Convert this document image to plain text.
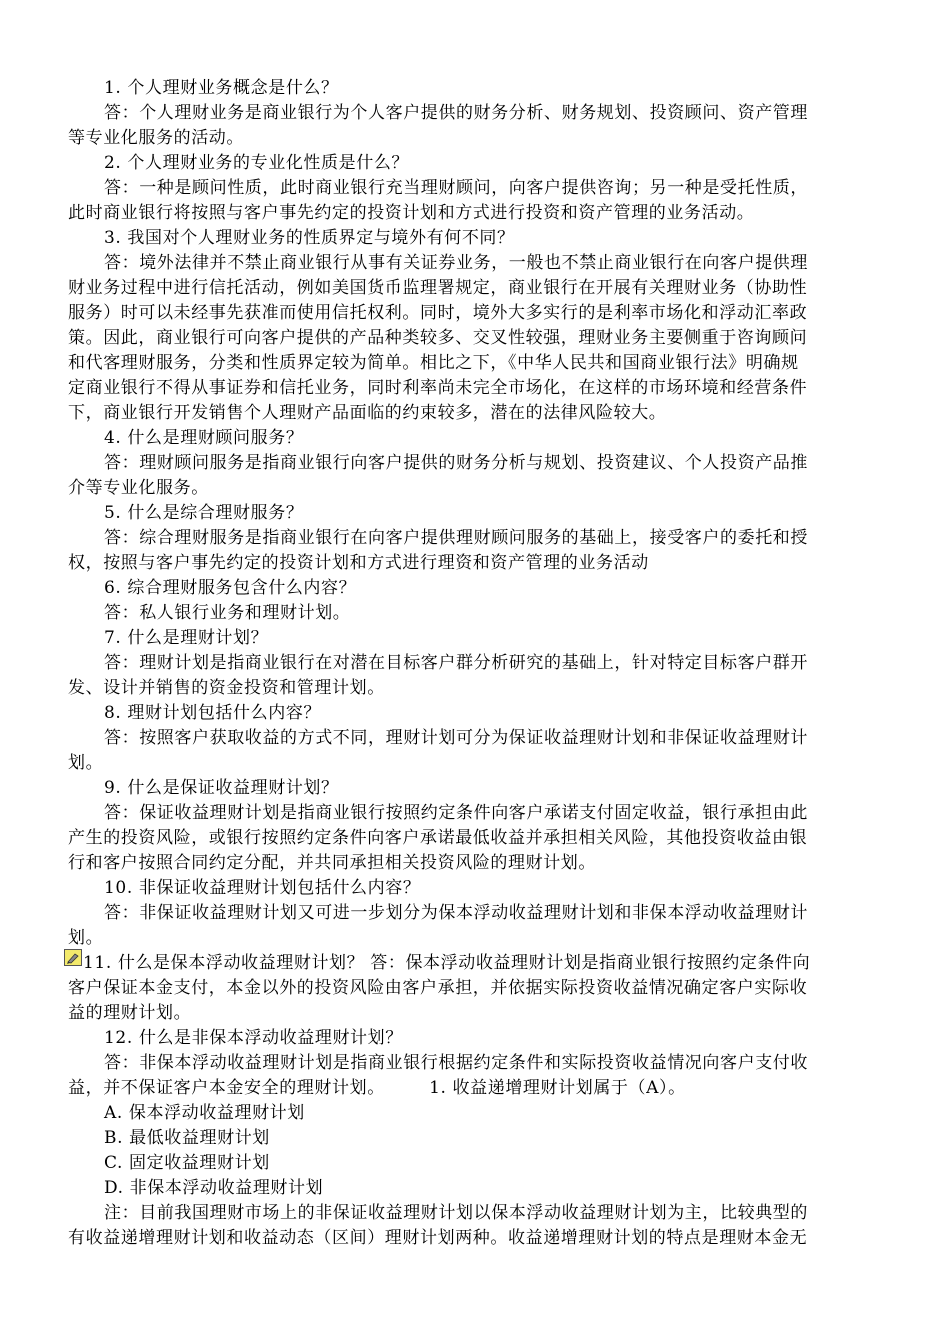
1. 个人理财业务概念是什么？
答：个人理财业务是商业银行为个人客户提供的财务分析、财务规划、投资顾问、资产管理
等专业化服务的活动。
2. 个人理财业务的专业化性质是什么？
答：一种是顾问性质，此时商业银行充当理财顾问，向客户提供咨询；另一种是受托性质，
此时商业银行将按照与客户事先约定的投资计划和方式进行投资和资产管理的业务活动。
3. 我国对个人理财业务的性质界定与境外有何不同？
答：境外法律并不禁止商业银行从事有关证券业务，一般也不禁止商业银行在向客户提供理
财业务过程中进行信托活动，例如美国货币监理署规定，商业银行在开展有关理财业务（协助性
服务）时可以未经事先获准而使用信托权利。同时，境外大多实行的是利率市场化和浮动汇率政
策。因此，商业银行可向客户提供的产品种类较多、交叉性较强，理财业务主要侧重于咨询顾问
和代客理财服务，分类和性质界定较为简单。相比之下，《中华人民共和国商业银行法》明确规
定商业银行不得从事证券和信托业务，同时利率尚未完全市场化，在这样的市场环境和经营条件
下，商业银行开发销售个人理财产品面临的约束较多，潜在的法律风险较大。
4. 什么是理财顾问服务？
答：理财顾问服务是指商业银行向客户提供的财务分析与规划、投资建议、个人投资产品推
介等专业化服务。
5. 什么是综合理财服务？
答：综合理财服务是指商业银行在向客户提供理财顾问服务的基础上，接受客户的委托和授
权，按照与客户事先约定的投资计划和方式进行理资和资产管理的业务活动
6. 综合理财服务包含什么内容？
答：私人银行业务和理财计划。
7. 什么是理财计划？
答：理财计划是指商业银行在对潜在目标客户群分析研究的基础上，针对特定目标客户群开
发、设计并销售的资金投资和管理计划。
8. 理财计划包括什么内容？
答：按照客户获取收益的方式不同，理财计划可分为保证收益理财计划和非保证收益理财计
划。
9. 什么是保证收益理财计划？
答：保证收益理财计划是指商业银行按照约定条件向客户承诺支付固定收益，银行承担由此
产生的投资风险，或银行按照约定条件向客户承诺最低收益并承担相关风险，其他投资收益由银
行和客户按照合同约定分配，并共同承担相关投资风险的理财计划。
10. 非保证收益理财计划包括什么内容？
答：非保证收益理财计划又可进一步划分为保本浮动收益理财计划和非保本浮动收益理财计
划。
11. 什么是保本浮动收益理财计划？ 答：保本浮动收益理财计划是指商业银行按照约定条件向
客户保证本金支付，本金以外的投资风险由客户承担，并依据实际投资收益情况确定客户实际收
益的理财计划。
12. 什么是非保本浮动收益理财计划？
答：非保本浮动收益理财计划是指商业银行根据约定条件和实际投资收益情况向客户支付收
益，并不保证客户本金安全的理财计划。　　　1. 收益递增理财计划属于（A）。
A. 保本浮动收益理财计划
B. 最低收益理财计划
C. 固定收益理财计划
D. 非保本浮动收益理财计划
注：目前我国理财市场上的非保证收益理财计划以保本浮动收益理财计划为主，比较典型的
有收益递增理财计划和收益动态（区间）理财计划两种。收益递增理财计划的特点是理财本金无
